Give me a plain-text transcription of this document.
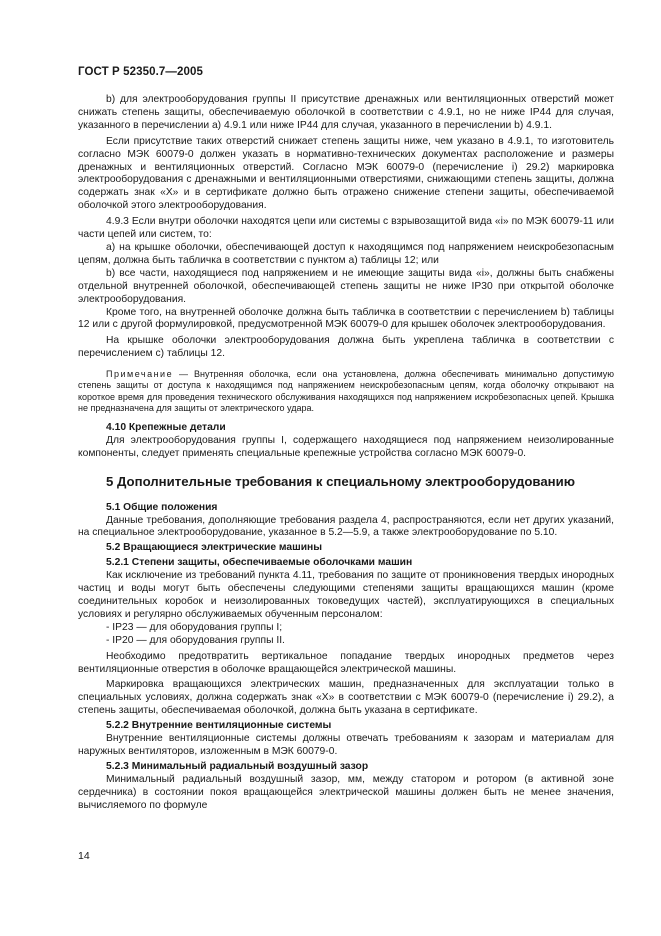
ГОСТ Р 52350.7—2005

b) для электрооборудования группы II присутствие дренажных или вентиляционных отверстий может снижать степень защиты, обеспечиваемую оболочкой в соответствии с 4.9.1, но не ниже IP44 для случая, указанного в перечислении a) 4.9.1 или ниже IP44 для случая, указанного в перечислении b) 4.9.1.

Если присутствие таких отверстий снижает степень защиты ниже, чем указано в 4.9.1, то изготовитель согласно МЭК 60079-0 должен указать в нормативно-технических документах расположение и размеры дренажных и вентиляционных отверстий. Согласно МЭК 60079-0 (перечисление i) 29.2) маркировка электрооборудования с дренажными и вентиляционными отверстиями, снижающими степень защиты, должна содержать знак «X» и в сертификате должно быть отражено снижение степени защиты, обеспечиваемой оболочкой этого электрооборудования.

4.9.3 Если внутри оболочки находятся цепи или системы с взрывозащитой вида «i» по МЭК 60079-11 или части цепей или систем, то:

a) на крышке оболочки, обеспечивающей доступ к находящимся под напряжением неискробезопасным цепям, должна быть табличка в соответствии с пунктом a) таблицы 12; или

b) все части, находящиеся под напряжением и не имеющие защиты вида «i», должны быть снабжены отдельной внутренней оболочкой, обеспечивающей степень защиты не ниже IP30 при открытой оболочке электрооборудования.

Кроме того, на внутренней оболочке должна быть табличка в соответствии с перечислением b) таблицы 12 или с другой формулировкой, предусмотренной МЭК 60079-0 для крышек оболочек электрооборудования.

На крышке оболочки электрооборудования должна быть укреплена табличка в соответствии с перечислением c) таблицы 12.

Примечание — Внутренняя оболочка, если она установлена, должна обеспечивать минимально допустимую степень защиты от доступа к находящимся под напряжением неискробезопасным цепям, когда оболочку открывают на короткое время для проведения технического обслуживания находящихся под напряжением искробезопасных цепей. Крышка не предназначена для защиты от электрического удара.

4.10 Крепежные детали

Для электрооборудования группы I, содержащего находящиеся под напряжением неизолированные компоненты, следует применять специальные крепежные устройства согласно МЭК 60079-0.

5 Дополнительные требования к специальному электрооборудованию

5.1 Общие положения

Данные требования, дополняющие требования раздела 4, распространяются, если нет других указаний, на специальное электрооборудование, указанное в 5.2—5.9, а также электрооборудование по 5.10.

5.2 Вращающиеся электрические машины

5.2.1 Степени защиты, обеспечиваемые оболочками машин

Как исключение из требований пункта 4.11, требования по защите от проникновения твердых инородных частиц и воды могут быть обеспечены следующими степенями защиты вращающихся машин (кроме соединительных коробок и неизолированных токоведущих частей), эксплуатирующихся в специальных условиях и регулярно обслуживаемых обученным персоналом:

- IP23 — для оборудования группы I;

- IP20 — для оборудования группы II.

Необходимо предотвратить вертикальное попадание твердых инородных предметов через вентиляционные отверстия в оболочке вращающейся электрической машины.

Маркировка вращающихся электрических машин, предназначенных для эксплуатации только в специальных условиях, должна содержать знак «X» в соответствии с МЭК 60079-0 (перечисление i) 29.2), а степень защиты, обеспечиваемая оболочкой, должна быть указана в сертификате.

5.2.2 Внутренние вентиляционные системы

Внутренние вентиляционные системы должны отвечать требованиям к зазорам и материалам для наружных вентиляторов, изложенным в МЭК 60079-0.

5.2.3 Минимальный радиальный воздушный зазор

Минимальный радиальный воздушный зазор, мм, между статором и ротором (в активной зоне сердечника) в состоянии покоя вращающейся электрической машины должен быть не менее значения, вычисляемого по формуле

14
